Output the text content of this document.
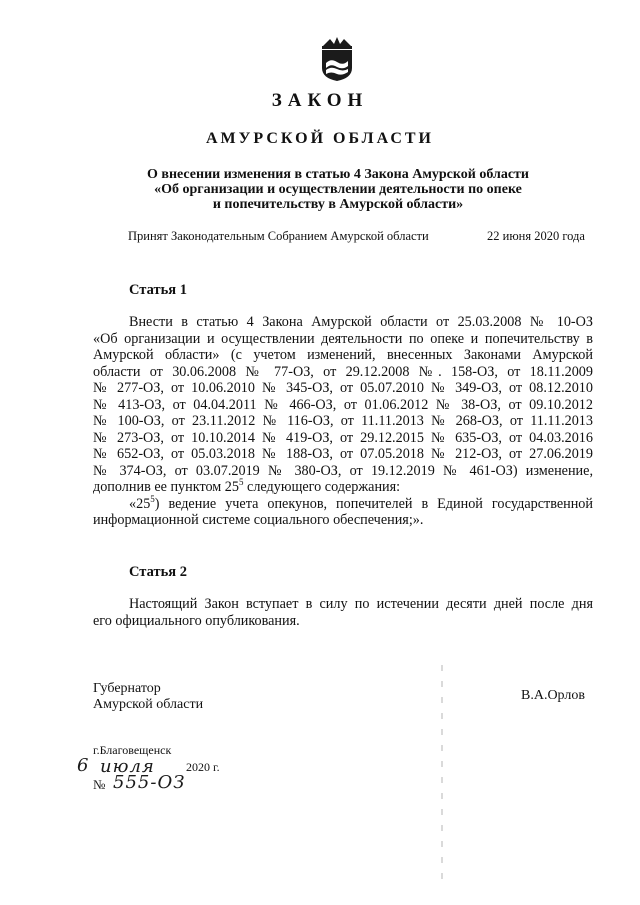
ЗАКОН
АМУРСКОЙ ОБЛАСТИ
О внесении изменения в статью 4 Закона Амурской области
«Об организации и осуществлении деятельности по опеке
и попечительству в Амурской области»
Принят Законодательным Собранием Амурской области	22 июня 2020 года
Статья 1
Внести в статью 4 Закона Амурской области от 25.03.2008 № 10-ОЗ
«Об организации и осуществлении деятельности по опеке и попечительству в
Амурской области» (с учетом изменений, внесенных Законами Амурской
области от 30.06.2008 № 77-ОЗ, от 29.12.2008 №. 158-ОЗ, от 18.11.2009
№ 277-ОЗ, от 10.06.2010 № 345-ОЗ, от 05.07.2010 № 349-ОЗ, от 08.12.2010
№ 413-ОЗ, от 04.04.2011 № 466-ОЗ, от 01.06.2012 № 38-ОЗ, от 09.10.2012
№ 100-ОЗ, от 23.11.2012 № 116-ОЗ, от 11.11.2013 № 268-ОЗ, от 11.11.2013
№ 273-ОЗ, от 10.10.2014 № 419-ОЗ, от 29.12.2015 № 635-ОЗ, от 04.03.2016
№ 652-ОЗ, от 05.03.2018 № 188-ОЗ, от 07.05.2018 № 212-ОЗ, от 27.06.2019
№ 374-ОЗ, от 03.07.2019 № 380-ОЗ, от 19.12.2019 № 461-ОЗ) изменение,
дополнив ее пунктом $25^5$ следующего содержания:
«$25^5$) ведение учета опекунов, попечителей в Единой государственной
информационной системе социального обеспечения;».
Статья 2
Настоящий Закон вступает в силу по истечении десяти дней после дня
его официального опубликования.
Губернатор
Амурской области
В.А.Орлов
г.Благовещенск
6 июля	2020 г.
№ 555-ОЗ
